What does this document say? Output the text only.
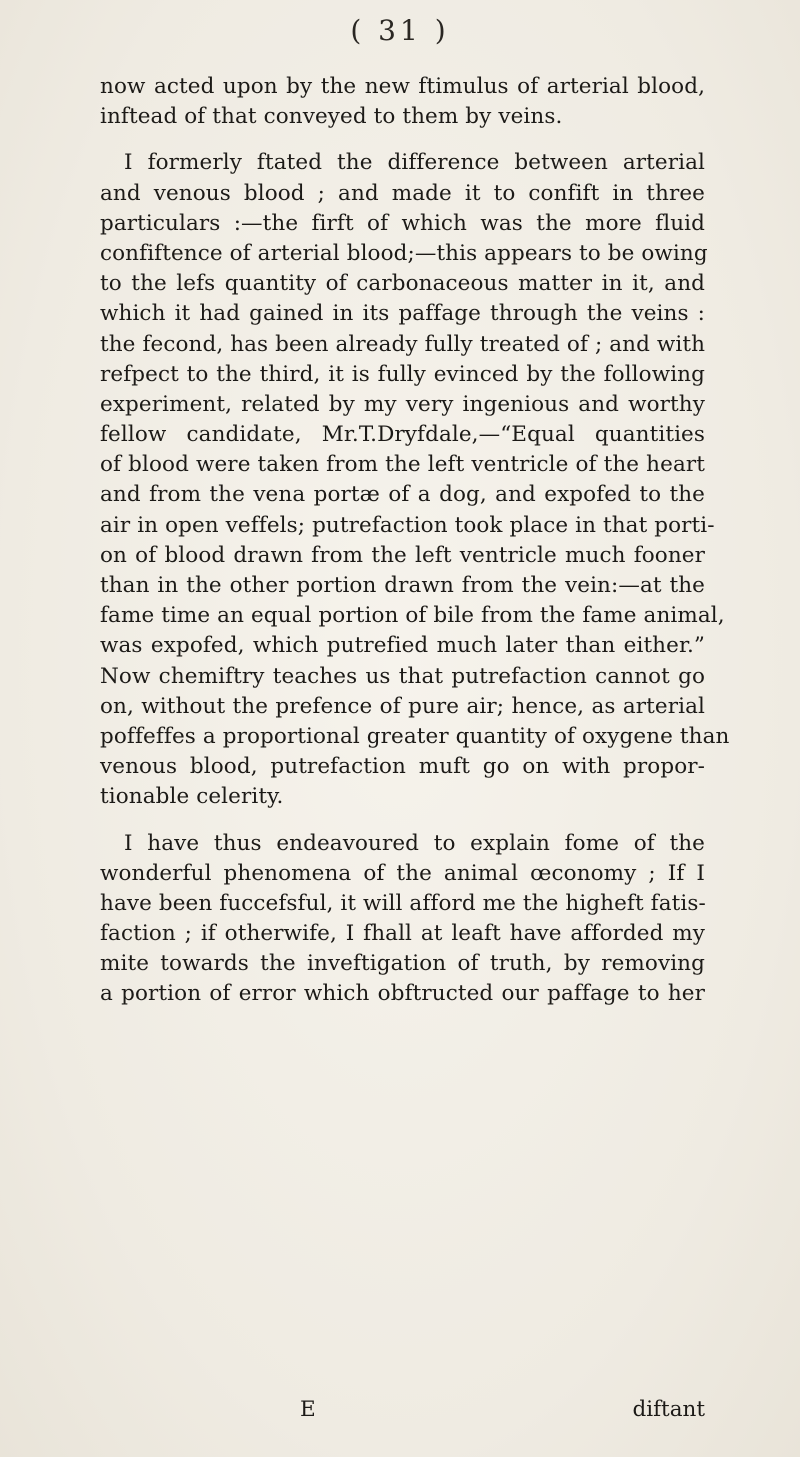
( 31 )
now acted upon by the new ftimulus of arterial blood,
inftead of that conveyed to them by veins.
I formerly ftated the difference between arterial
and venous blood ; and made it to confift in three
particulars :—the firft of which was the more fluid
confiftence of arterial blood;—this appears to be owing
to the lefs quantity of carbonaceous matter in it, and
which it had gained in its paffage through the veins :
the fecond, has been already fully treated of ; and with
refpect to the third, it is fully evinced by the following
experiment, related by my very ingenious and worthy
fellow candidate, Mr.T.Dryfdale,—“Equal quantities
of blood were taken from the left ventricle of the heart
and from the vena portæ of a dog, and expofed to the
air in open veffels; putrefaction took place in that porti-
on of blood drawn from the left ventricle much fooner
than in the other portion drawn from the vein:—at the
fame time an equal portion of bile from the fame animal,
was expofed, which putrefied much later than either.”
Now chemiftry teaches us that putrefaction cannot go
on, without the prefence of pure air; hence, as arterial
poffeffes a proportional greater quantity of oxygene than
venous blood, putrefaction muft go on with propor-
tionable celerity.
I have thus endeavoured to explain fome of the
wonderful phenomena of the animal œconomy ; If I
have been fuccefsful, it will afford me the higheft fatis-
faction ; if otherwife, I fhall at leaft have afforded my
mite towards the inveftigation of truth, by removing
a portion of error which obftructed our paffage to her
E	diftant
